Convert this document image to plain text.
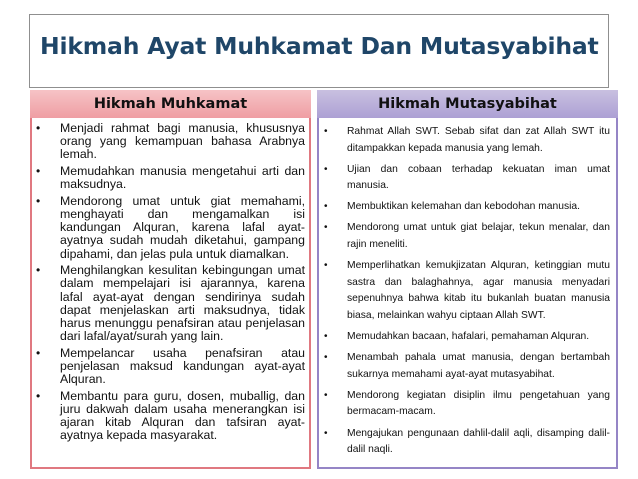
Hikmah Ayat Muhkamat Dan Mutasyabihat
Hikmah Muhkamat	Hikmah Mutasyabihat
• Menjadi rahmat bagi manusia, khususnya orang yang kemampuan bahasa Arabnya lemah.
• Memudahkan manusia mengetahui arti dan maksudnya.
• Mendorong umat untuk giat memahami, menghayati dan mengamalkan isi kandungan Alquran, karena lafal ayat-ayatnya sudah mudah diketahui, gampang dipahami, dan jelas pula untuk diamalkan.
• Menghilangkan kesulitan kebingungan umat dalam mempelajari isi ajarannya, karena lafal ayat-ayat dengan sendirinya sudah dapat menjelaskan arti maksudnya, tidak harus menunggu penafsiran atau penjelasan dari lafal/ayat/surah yang lain.
• Mempelancar usaha penafsiran atau penjelasan maksud kandungan ayat-ayat Alquran.
• Membantu para guru, dosen, muballig, dan juru dakwah dalam usaha menerangkan isi ajaran kitab Alquran dan tafsiran ayat-ayatnya kepada masyarakat.
• Rahmat Allah SWT. Sebab sifat dan zat Allah SWT itu ditampakkan kepada manusia yang lemah.
• Ujian dan cobaan terhadap kekuatan iman umat manusia.
• Membuktikan kelemahan dan kebodohan manusia.
• Mendorong umat untuk giat belajar, tekun menalar, dan rajin meneliti.
• Memperlihatkan kemukjizatan Alquran, ketinggian mutu sastra dan balaghahnya, agar manusia menyadari sepenuhnya bahwa kitab itu bukanlah buatan manusia biasa, melainkan wahyu ciptaan Allah SWT.
• Memudahkan bacaan, hafalari, pemahaman Alquran.
• Menambah pahala umat manusia, dengan bertambah sukarnya memahami ayat-ayat mutasyabihat.
• Mendorong kegiatan disiplin ilmu pengetahuan yang bermacam-macam.
• Mengajukan pengunaan dahlil-dalil aqli, disamping dalil-dalil naqli.
